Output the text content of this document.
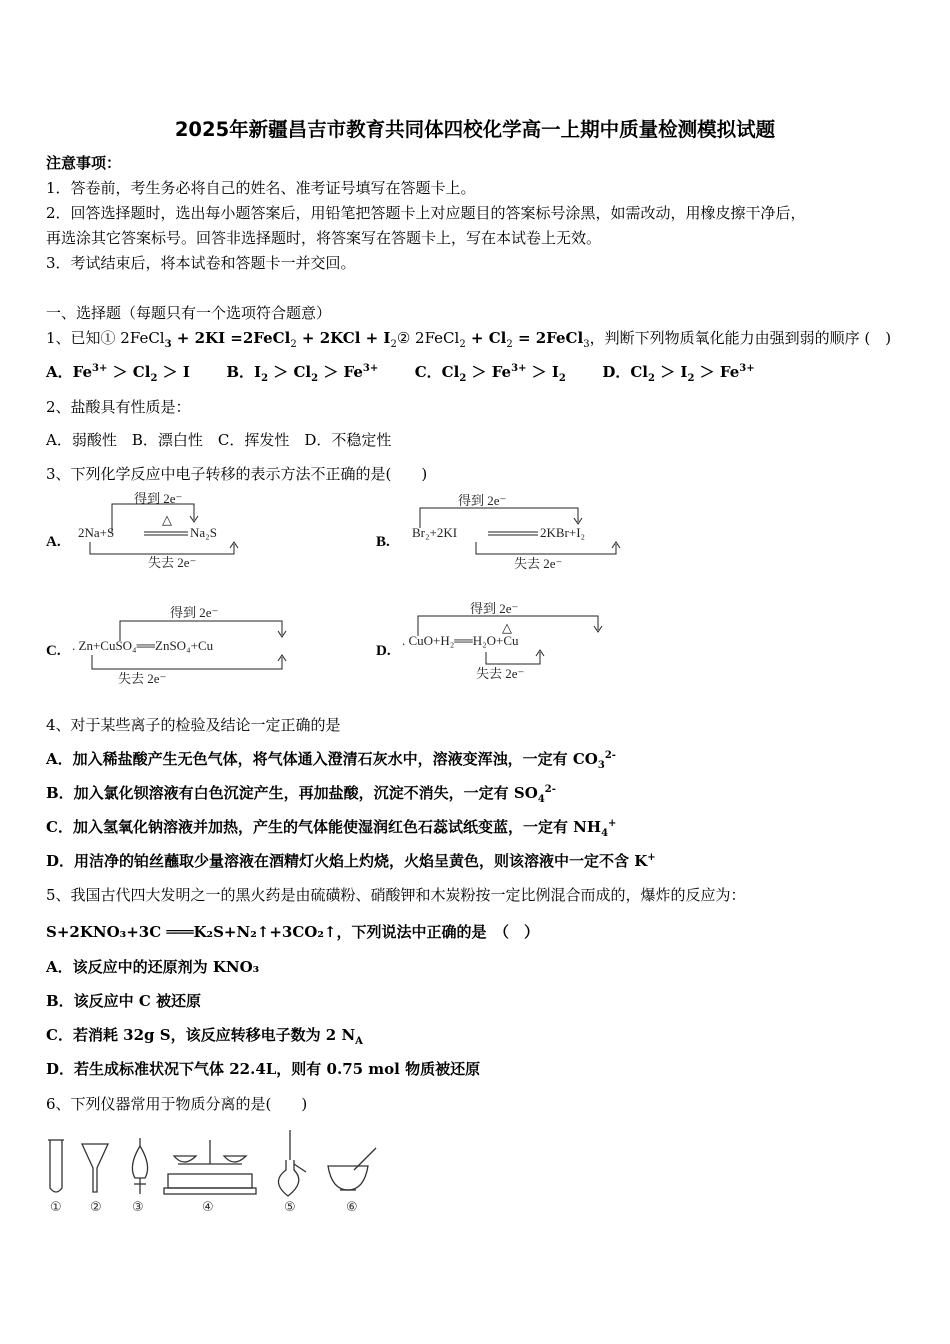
2025年新疆昌吉市教育共同体四校化学高一上期中质量检测模拟试题
注意事项：
1．答卷前，考生务必将自己的姓名、准考证号填写在答题卡上。
2．回答选择题时，选出每小题答案后，用铅笔把答题卡上对应题目的答案标号涂黑，如需改动，用橡皮擦干净后，
再选涂其它答案标号。回答非选择题时，将答案写在答题卡上，写在本试卷上无效。
3．考试结束后，将本试卷和答题卡一并交回。
一、选择题（每题只有一个选项符合题意）
1、已知① 2FeCl$_3$ + 2KI =2FeCl$_2$ + $2KCl + I_2②$ 2FeCl$_2$ + $Cl_2$ = 2FeCl$_3$，判断下列物质氧化能力由强到弱的顺序 (　)
A．$Fe^{3+} > Cl_2 > I$ B．$I_2 > Cl_2 > Fe^{3+}$ C．$Cl_2 > Fe^{3+} > I_2$ D．$Cl_2 > I_2 > Fe^{3+}$
2、盐酸具有性质是：
A．弱酸性　B．漂白性　C．挥发性　D．不稳定性
3、下列化学反应中电子转移的表示方法不正确的是(　　)
A.
得到 2e⁻
2Na+S
△
Na₂S
失去 2e⁻
B.
得到 2e⁻
Br₂+2KI	2KBr+I₂
失去 2e⁻
C.
得到 2e⁻
. Zn+CuSO₄══ZnSO₄+Cu
失去 2e⁻
D.
得到 2e⁻
△
. CuO+H₂══H₂O+Cu
失去 2e⁻
4、对于某些离子的检验及结论一定正确的是
A．加入稀盐酸产生无色气体，将气体通入澄清石灰水中，溶液变浑浊，一定有 $CO_3^{2-}$
B．加入氯化钡溶液有白色沉淀产生，再加盐酸，沉淀不消失，一定有 $SO_4^{2-}$
C．加入氢氧化钠溶液并加热，产生的气体能使湿润红色石蕊试纸变蓝，一定有 $NH_4^+$
D．用洁净的铂丝蘸取少量溶液在酒精灯火焰上灼烧，火焰呈黄色，则该溶液中一定不含 K+
5、我国古代四大发明之一的黑火药是由硫磺粉、硝酸钾和木炭粉按一定比例混合而成的，爆炸的反应为：
S+2KNO₃+3C ═══K₂S+N₂↑+3CO₂↑，下列说法中正确的是　（　）
A．该反应中的还原剂为 KNO₃
B．该反应中 C 被还原
C．若消耗 32g S，该反应转移电子数为 2 $N_A$
D．若生成标准状况下气体 22.4L，则有 0.75 mol 物质被还原
6、下列仪器常用于物质分离的是(　　)
① ② ③	④	⑤	⑥
